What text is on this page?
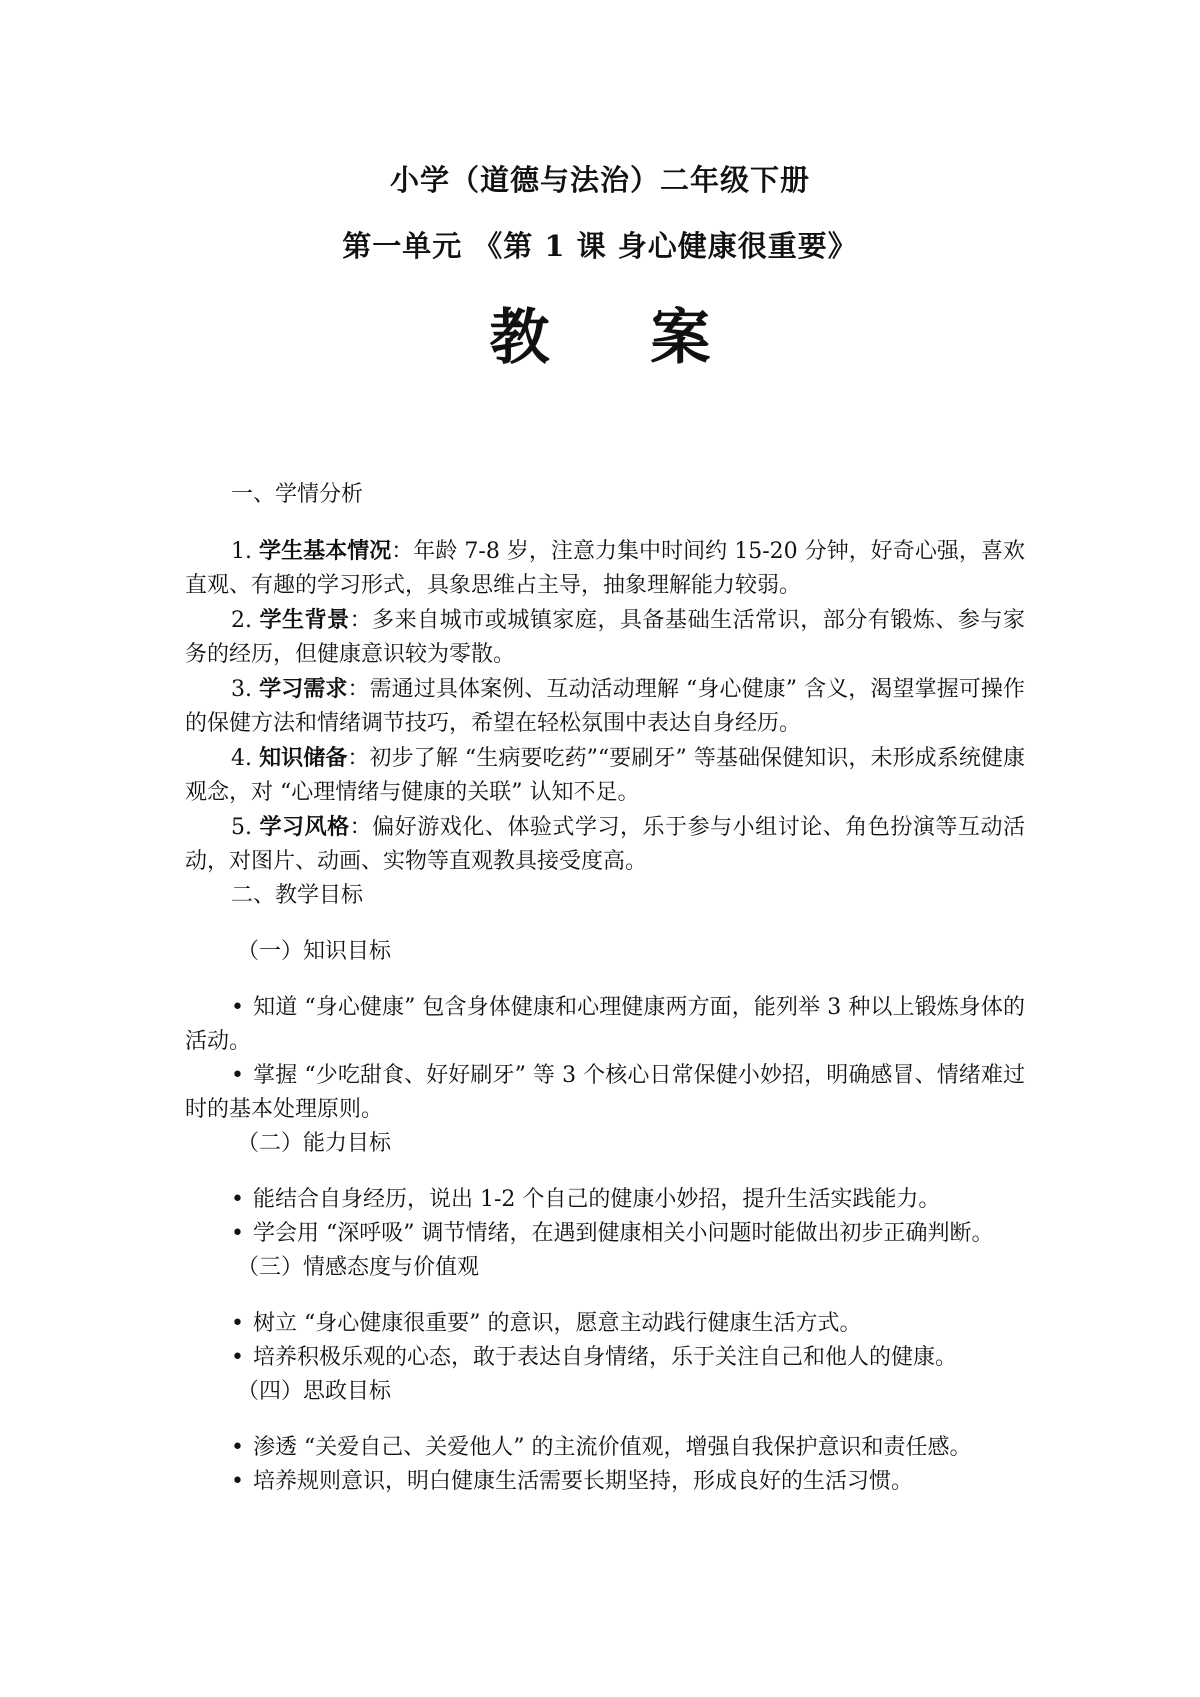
小学（道德与法治）二年级下册
第一单元 《第 1 课 身心健康很重要》
教 案

一、学情分析

1. 学生基本情况：年龄 7-8 岁，注意力集中时间约 15-20 分钟，好奇心强，喜欢直观、有趣的学习形式，具象思维占主导，抽象理解能力较弱。

2. 学生背景：多来自城市或城镇家庭，具备基础生活常识，部分有锻炼、参与家务的经历，但健康意识较为零散。

3. 学习需求：需通过具体案例、互动活动理解 “身心健康” 含义，渴望掌握可操作的保健方法和情绪调节技巧，希望在轻松氛围中表达自身经历。

4. 知识储备：初步了解 “生病要吃药”“要刷牙” 等基础保健知识，未形成系统健康观念，对 “心理情绪与健康的关联” 认知不足。

5. 学习风格：偏好游戏化、体验式学习，乐于参与小组讨论、角色扮演等互动活动，对图片、动画、实物等直观教具接受度高。

二、教学目标

（一）知识目标

•
  知道 “身心健康” 包含身体健康和心理健康两方面，能列举 3 种以上锻炼身体的活动。

•
  掌握 “少吃甜食、好好刷牙” 等 3 个核心日常保健小妙招，明确感冒、情绪难过时的基本处理原则。

（二）能力目标

•
  能结合自身经历，说出 1-2 个自己的健康小妙招，提升生活实践能力。

•
  学会用 “深呼吸” 调节情绪，在遇到健康相关小问题时能做出初步正确判断。

（三）情感态度与价值观

•
  树立 “身心健康很重要” 的意识，愿意主动践行健康生活方式。

•
  培养积极乐观的心态，敢于表达自身情绪，乐于关注自己和他人的健康。

（四）思政目标

•
  渗透 “关爱自己、关爱他人” 的主流价值观，增强自我保护意识和责任感。

•
  培养规则意识，明白健康生活需要长期坚持，形成良好的生活习惯。
